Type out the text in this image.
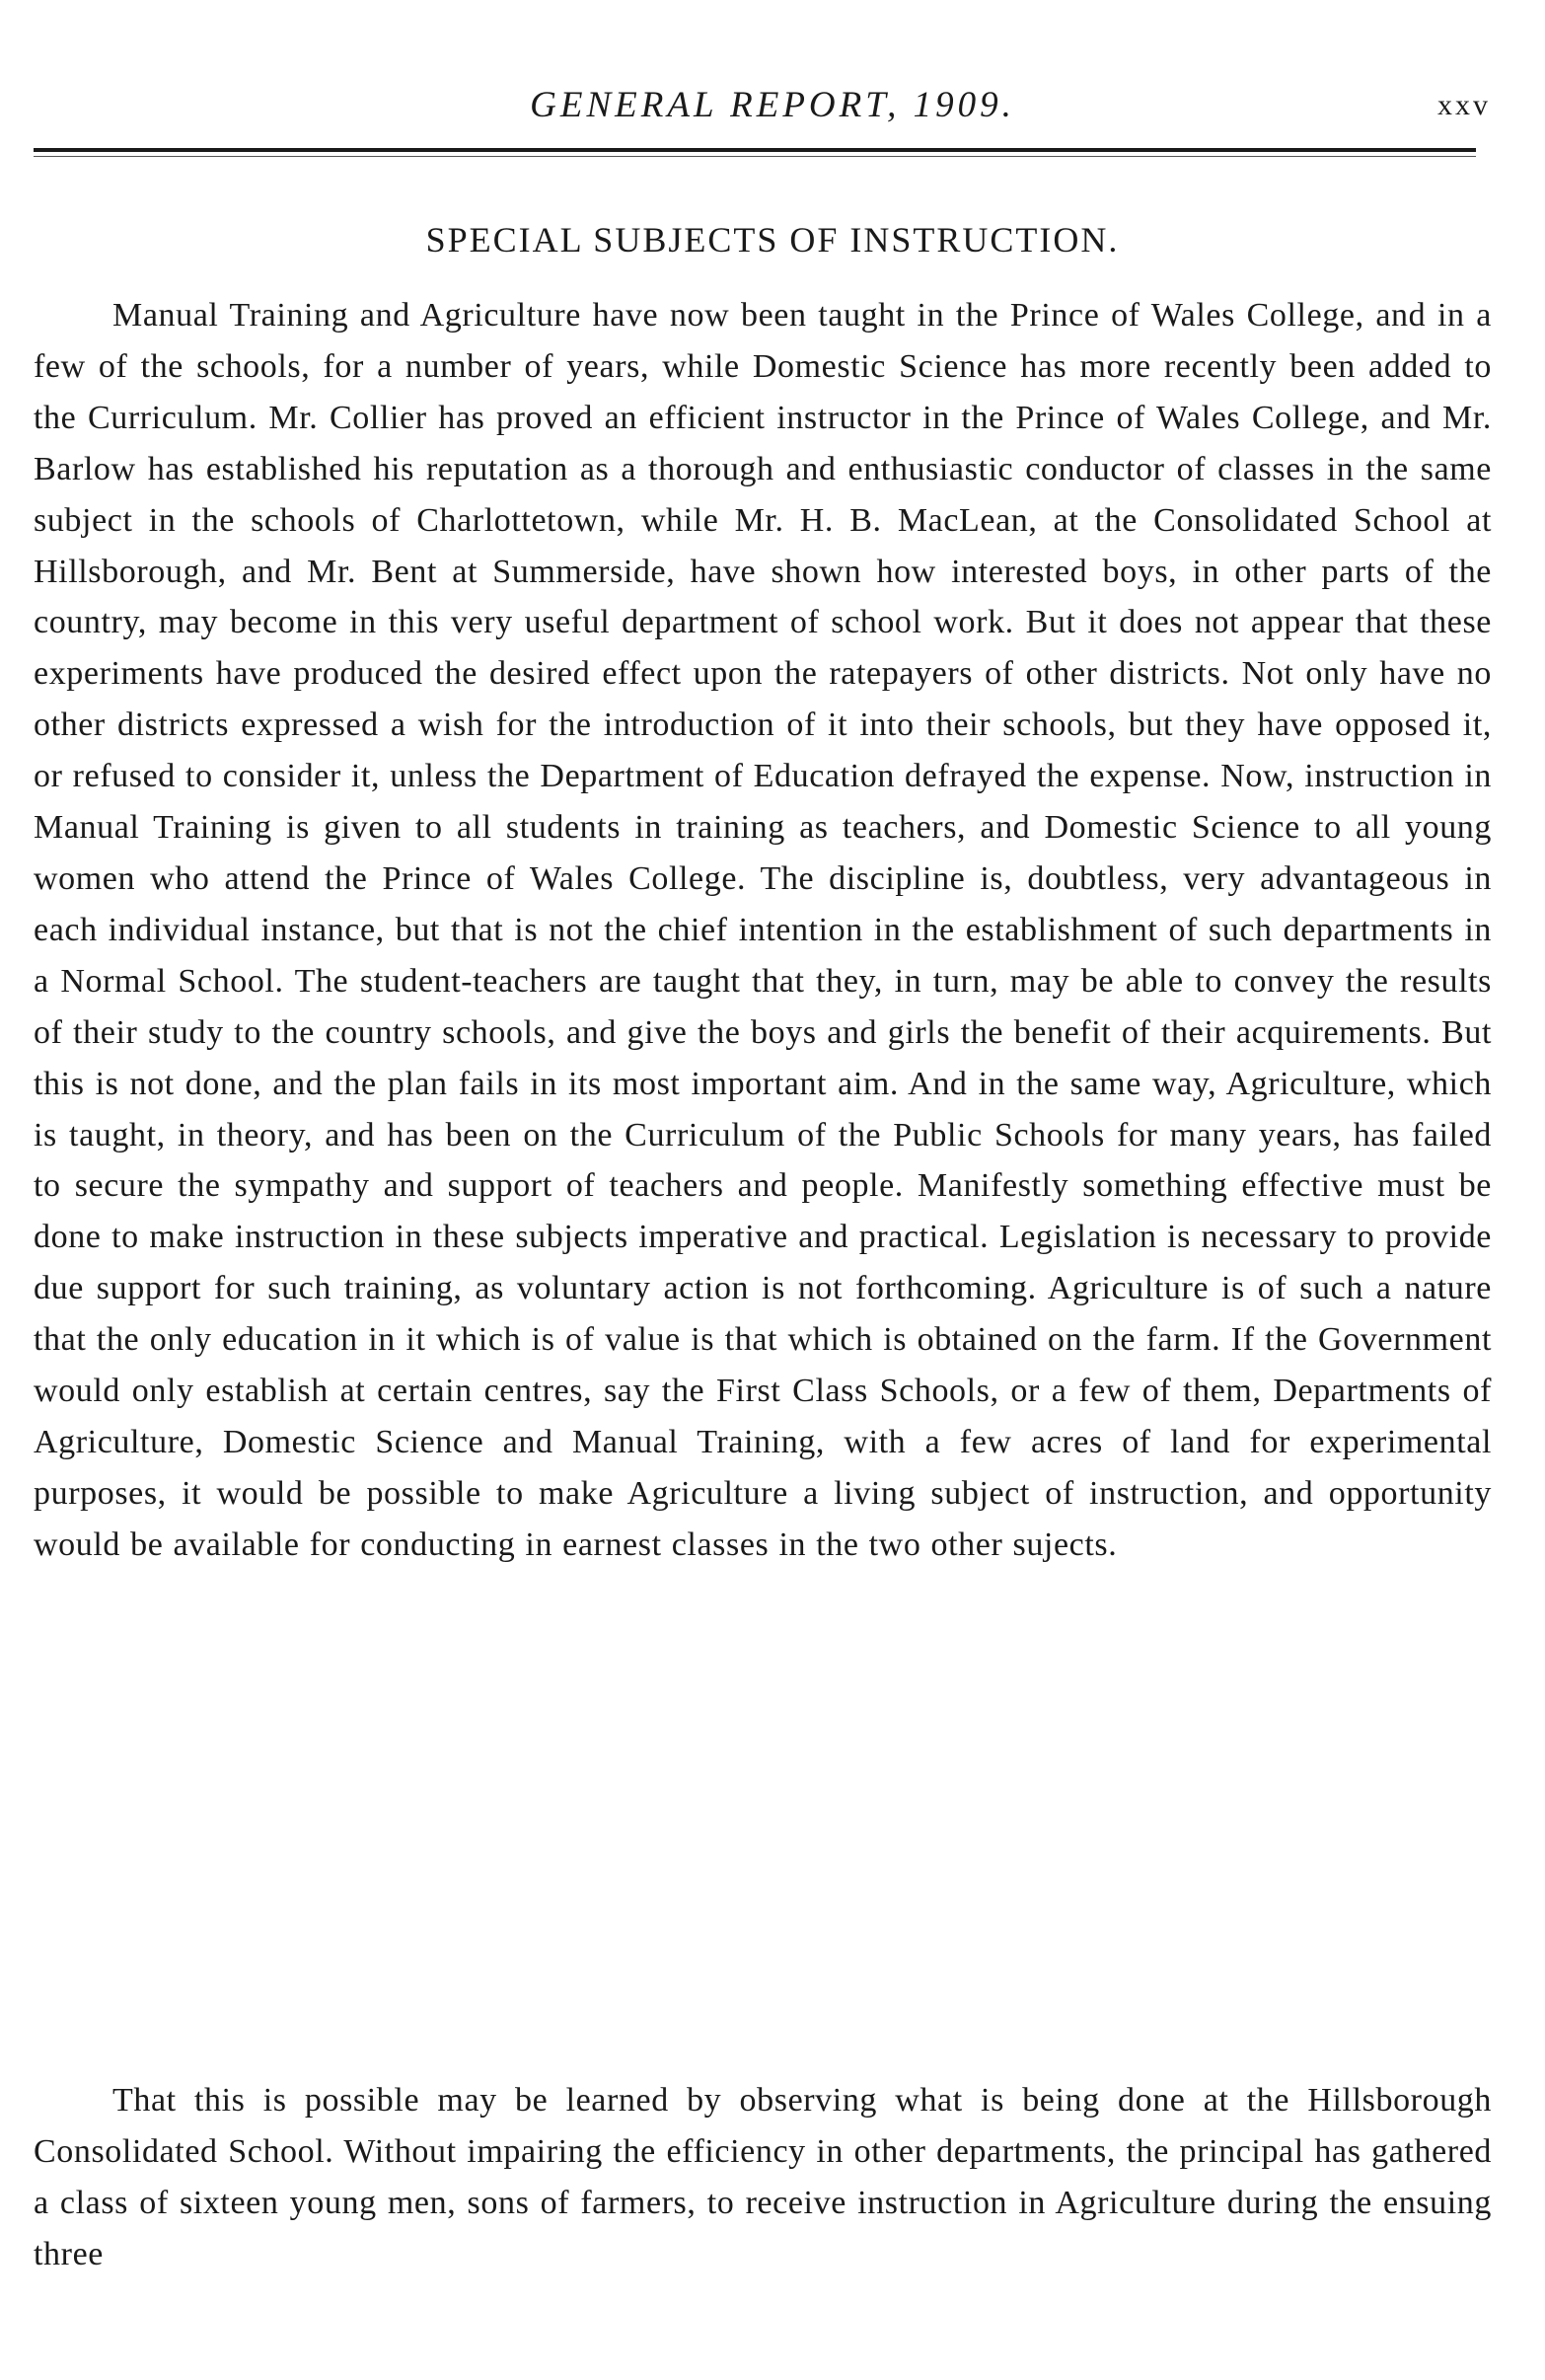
GENERAL REPORT, 1909.	xxv
SPECIAL SUBJECTS OF INSTRUCTION.

Manual Training and Agriculture have now been taught in the Prince of Wales College, and in a few of the schools, for a number of years, while Domestic Science has more recently been added to the Curriculum. Mr. Collier has proved an efficient instructor in the Prince of Wales College, and Mr. Barlow has established his reputation as a thorough and enthusiastic conductor of classes in the same subject in the schools of Charlottetown, while Mr. H. B. MacLean, at the Consolidated School at Hillsborough, and Mr. Bent at Summerside, have shown how interested boys, in other parts of the country, may become in this very useful department of school work. But it does not appear that these experiments have produced the desired effect upon the ratepayers of other districts. Not only have no other districts expressed a wish for the introduction of it into their schools, but they have opposed it, or refused to consider it, unless the Department of Education defrayed the expense. Now, instruction in Manual Training is given to all students in training as teachers, and Domestic Science to all young women who attend the Prince of Wales College. The discipline is, doubtless, very advantageous in each individual instance, but that is not the chief intention in the establishment of such departments in a Normal School. The student-teachers are taught that they, in turn, may be able to convey the results of their study to the country schools, and give the boys and girls the benefit of their acquirements. But this is not done, and the plan fails in its most important aim. And in the same way, Agriculture, which is taught, in theory, and has been on the Curriculum of the Public Schools for many years, has failed to secure the sympathy and support of teachers and people. Manifestly something effective must be done to make instruction in these subjects imperative and practical. Legislation is necessary to provide due support for such training, as voluntary action is not forthcoming. Agriculture is of such a nature that the only education in it which is of value is that which is obtained on the farm. If the Government would only establish at certain centres, say the First Class Schools, or a few of them, Departments of Agriculture, Domestic Science and Manual Training, with a few acres of land for experimental purposes, it would be possible to make Agriculture a living subject of instruction, and opportunity would be available for conducting in earnest classes in the two other sujects.

That this is possible may be learned by observing what is being done at the Hillsborough Consolidated School. Without impairing the efficiency in other departments, the principal has gathered a class of sixteen young men, sons of farmers, to receive instruction in Agriculture during the ensuing three
